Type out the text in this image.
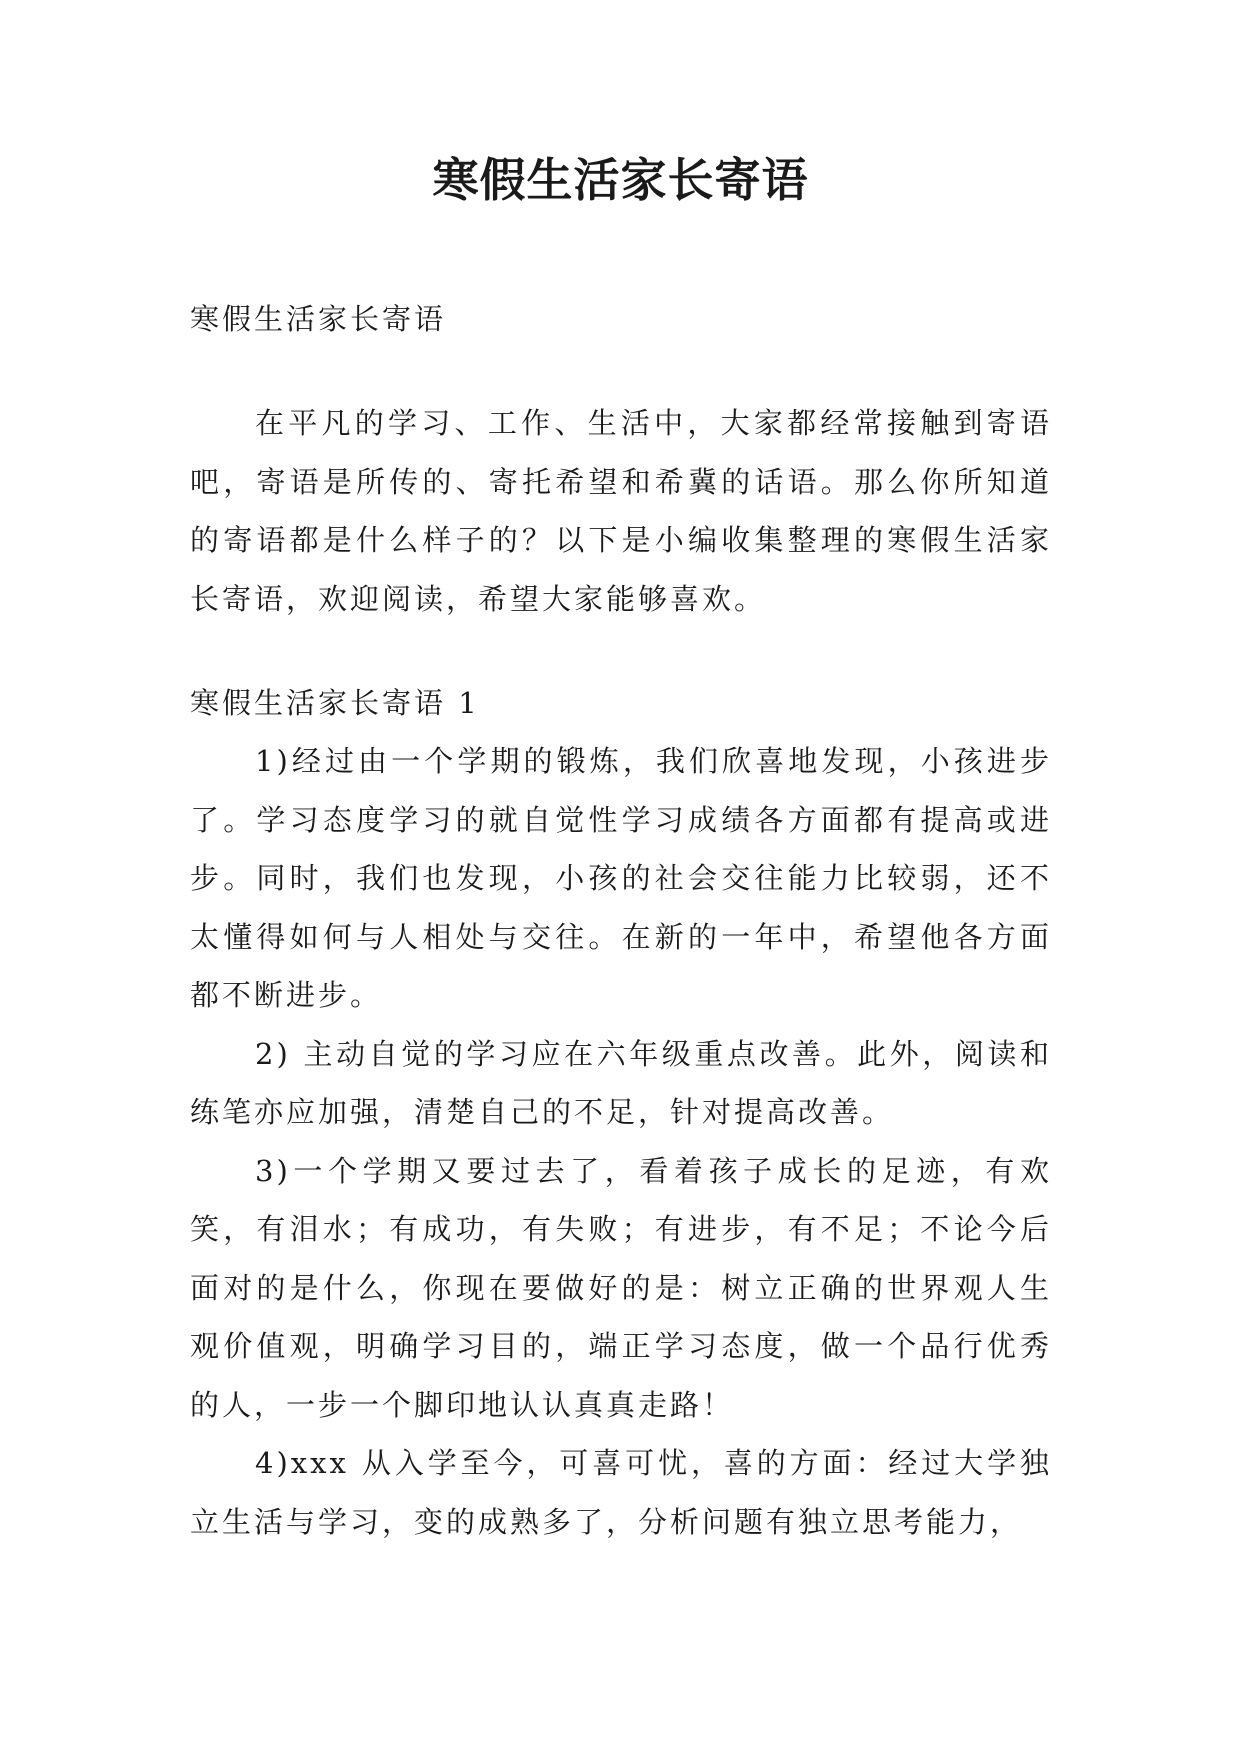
寒假生活家长寄语

寒假生活家长寄语

在平凡的学习、工作、生活中，大家都经常接触到寄语吧，寄语是所传的、寄托希望和希冀的话语。那么你所知道的寄语都是什么样子的？以下是小编收集整理的寒假生活家长寄语，欢迎阅读，希望大家能够喜欢。

寒假生活家长寄语 1

1)经过由一个学期的锻炼，我们欣喜地发现，小孩进步了。学习态度学习的就自觉性学习成绩各方面都有提高或进步。同时，我们也发现，小孩的社会交往能力比较弱，还不太懂得如何与人相处与交往。在新的一年中，希望他各方面都不断进步。

2) 主动自觉的学习应在六年级重点改善。此外，阅读和练笔亦应加强，清楚自己的不足，针对提高改善。

3)一个学期又要过去了，看着孩子成长的足迹，有欢笑，有泪水；有成功，有失败；有进步，有不足；不论今后面对的是什么，你现在要做好的是：树立正确的世界观人生观价值观，明确学习目的，端正学习态度，做一个品行优秀的人，一步一个脚印地认认真真走路！

4)xxx 从入学至今，可喜可忧，喜的方面：经过大学独立生活与学习，变的成熟多了，分析问题有独立思考能力，
